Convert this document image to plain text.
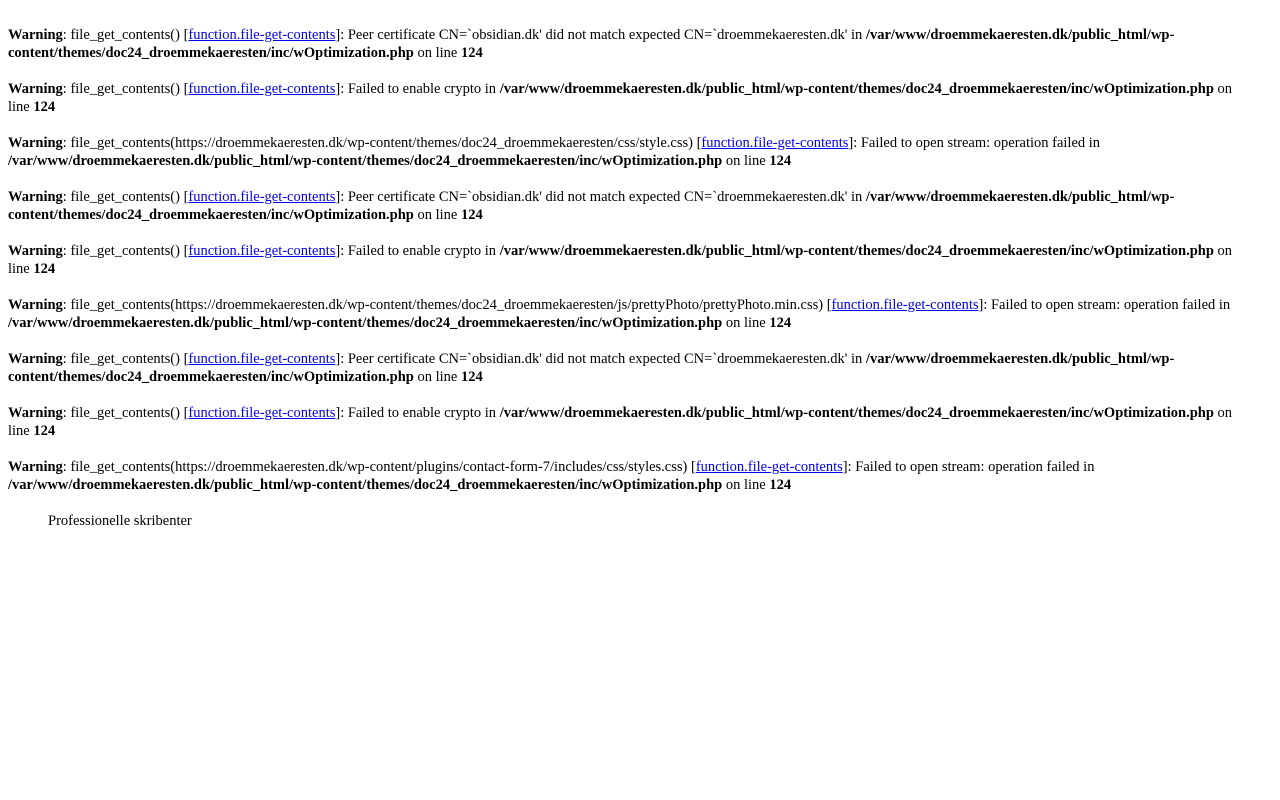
Warning: file_get_contents() [function.file-get-contents]: Peer certificate CN=`obsidian.dk' did not match expected CN=`droemmekaeresten.dk' in /var/www/droemmekaeresten.dk/public_html/wp-content/themes/doc24_droemmekaeresten/inc/wOptimization.php on line 124
Warning: file_get_contents() [function.file-get-contents]: Failed to enable crypto in /var/www/droemmekaeresten.dk/public_html/wp-content/themes/doc24_droemmekaeresten/inc/wOptimization.php on line 124
Warning: file_get_contents(https://droemmekaeresten.dk/wp-content/themes/doc24_droemmekaeresten/css/style.css) [function.file-get-contents]: Failed to open stream: operation failed in /var/www/droemmekaeresten.dk/public_html/wp-content/themes/doc24_droemmekaeresten/inc/wOptimization.php on line 124
Warning: file_get_contents() [function.file-get-contents]: Peer certificate CN=`obsidian.dk' did not match expected CN=`droemmekaeresten.dk' in /var/www/droemmekaeresten.dk/public_html/wp-content/themes/doc24_droemmekaeresten/inc/wOptimization.php on line 124
Warning: file_get_contents() [function.file-get-contents]: Failed to enable crypto in /var/www/droemmekaeresten.dk/public_html/wp-content/themes/doc24_droemmekaeresten/inc/wOptimization.php on line 124
Warning: file_get_contents(https://droemmekaeresten.dk/wp-content/themes/doc24_droemmekaeresten/js/prettyPhoto/prettyPhoto.min.css) [function.file-get-contents]: Failed to open stream: operation failed in /var/www/droemmekaeresten.dk/public_html/wp-content/themes/doc24_droemmekaeresten/inc/wOptimization.php on line 124
Warning: file_get_contents() [function.file-get-contents]: Peer certificate CN=`obsidian.dk' did not match expected CN=`droemmekaeresten.dk' in /var/www/droemmekaeresten.dk/public_html/wp-content/themes/doc24_droemmekaeresten/inc/wOptimization.php on line 124
Warning: file_get_contents() [function.file-get-contents]: Failed to enable crypto in /var/www/droemmekaeresten.dk/public_html/wp-content/themes/doc24_droemmekaeresten/inc/wOptimization.php on line 124
Warning: file_get_contents(https://droemmekaeresten.dk/wp-content/plugins/contact-form-7/includes/css/styles.css) [function.file-get-contents]: Failed to open stream: operation failed in /var/www/droemmekaeresten.dk/public_html/wp-content/themes/doc24_droemmekaeresten/inc/wOptimization.php on line 124
Professionelle skribenter
